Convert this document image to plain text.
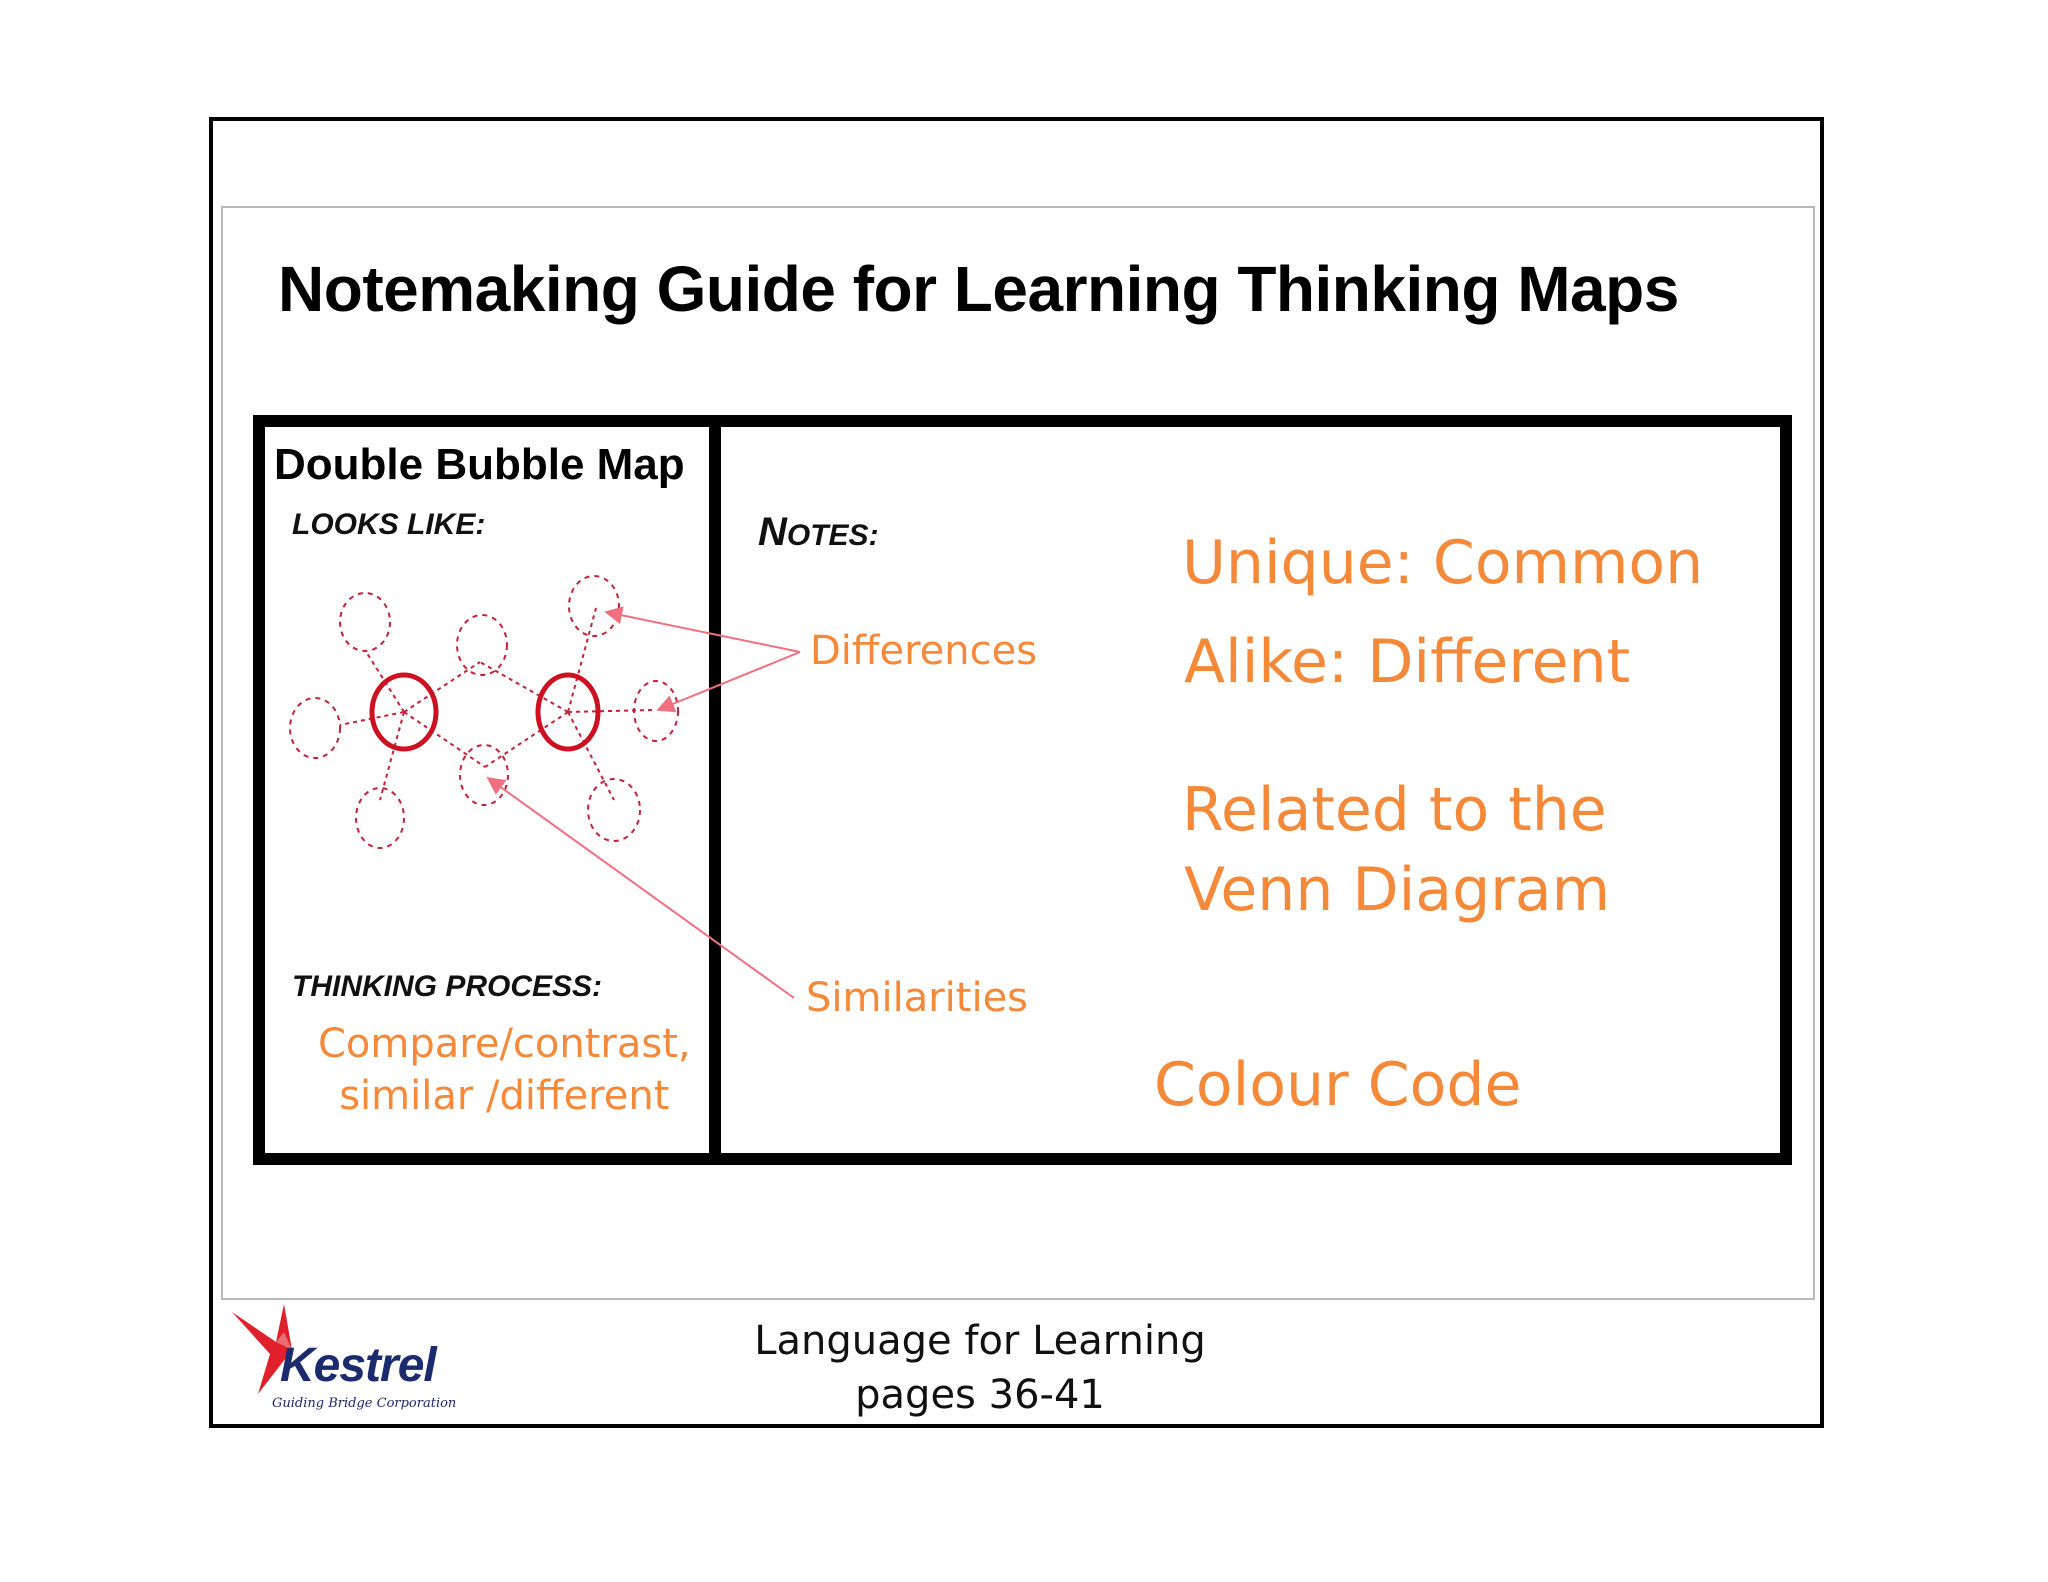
Notemaking Guide for Learning Thinking Maps
Double Bubble Map
LOOKS LIKE:
THINKING PROCESS:
NOTES:
Differences
Similarities
Compare/contrast,
similar /different
Unique: Common
Alike: Different
Related to the
Venn Diagram
Colour Code
Kestrel
Guiding Bridge Corporation
Language for Learning
pages 36-41
